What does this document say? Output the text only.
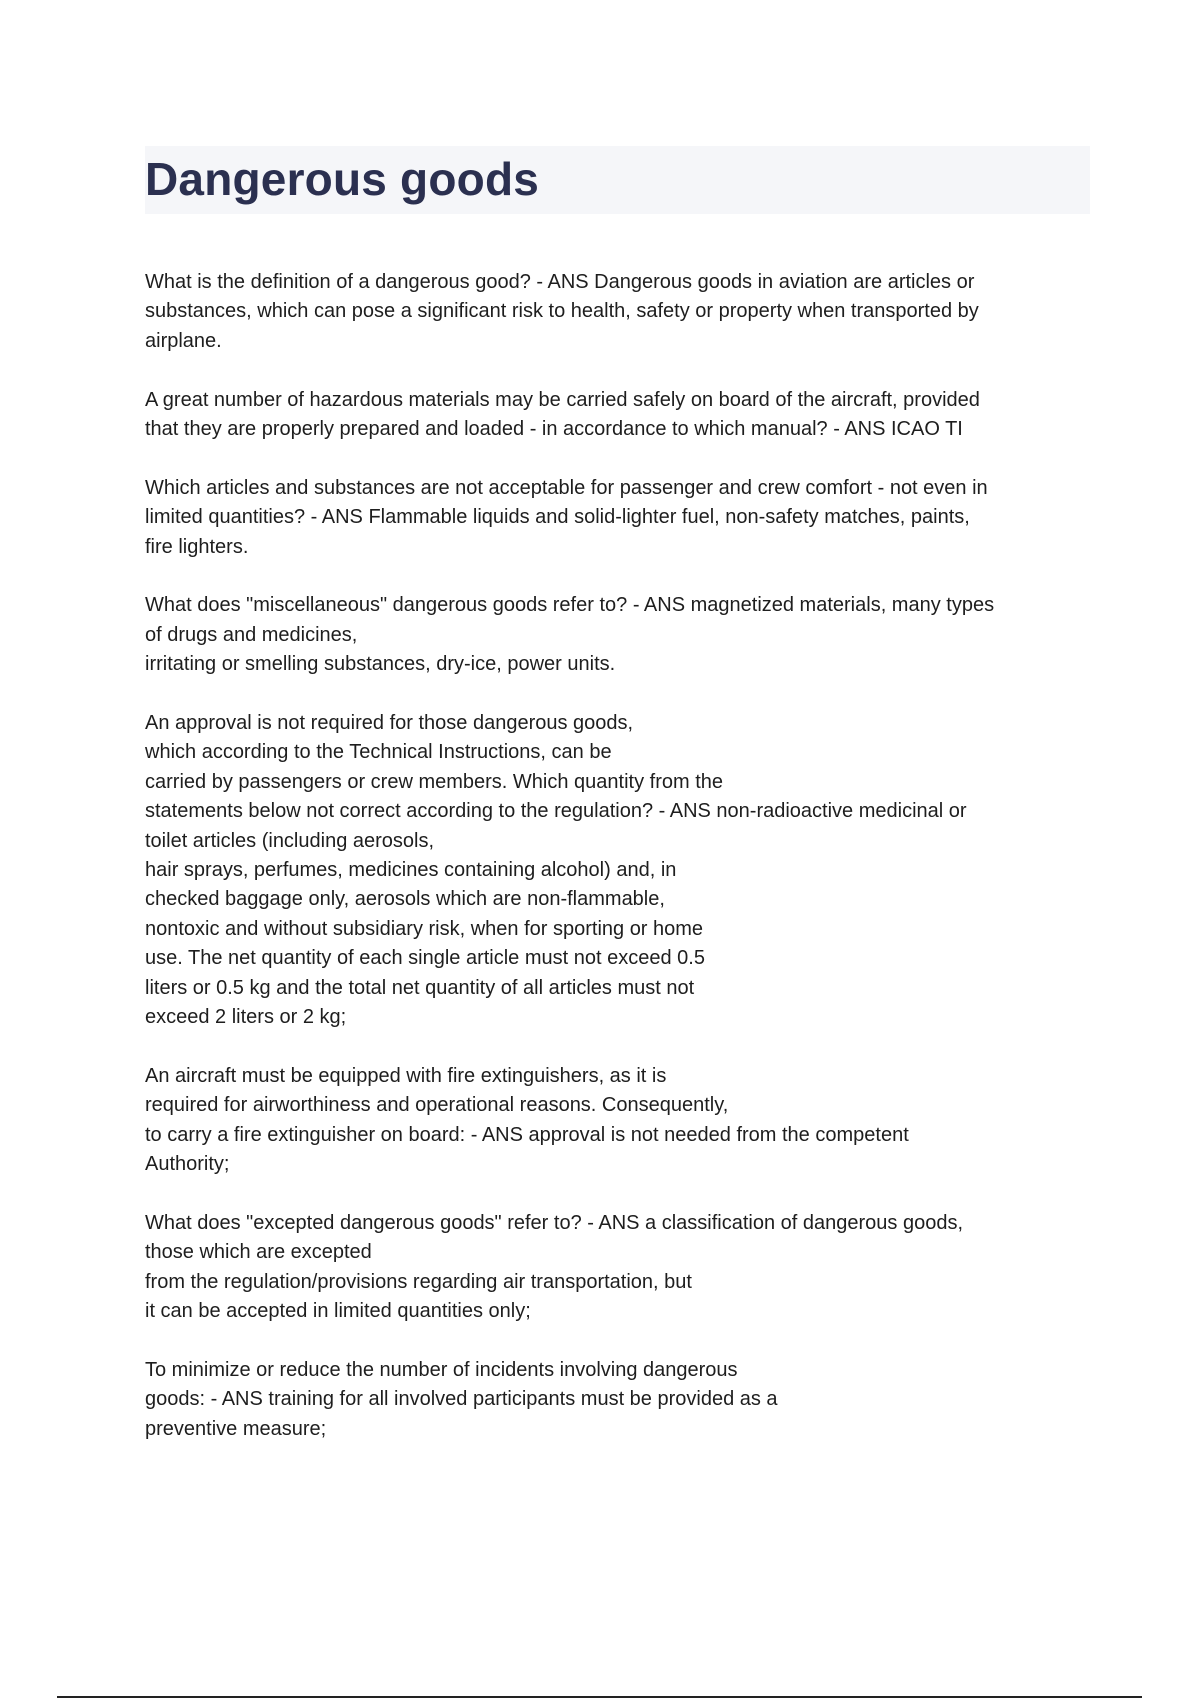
Dangerous goods

What is the definition of a dangerous good? - ANS Dangerous goods in aviation are articles or
substances, which can pose a significant risk to health, safety or property when transported by
airplane.

A great number of hazardous materials may be carried safely on board of the aircraft, provided
that they are properly prepared and loaded - in accordance to which manual? - ANS ICAO TI

Which articles and substances are not acceptable for passenger and crew comfort - not even in
limited quantities? - ANS Flammable liquids and solid-lighter fuel, non-safety matches, paints,
fire lighters.

What does "miscellaneous" dangerous goods refer to? - ANS magnetized materials, many types
of drugs and medicines,
irritating or smelling substances, dry-ice, power units.

An approval is not required for those dangerous goods,
which according to the Technical Instructions, can be
carried by passengers or crew members. Which quantity from the
statements below not correct according to the regulation? - ANS non-radioactive medicinal or
toilet articles (including aerosols,
hair sprays, perfumes, medicines containing alcohol) and, in
checked baggage only, aerosols which are non-flammable,
nontoxic and without subsidiary risk, when for sporting or home
use. The net quantity of each single article must not exceed 0.5
liters or 0.5 kg and the total net quantity of all articles must not
exceed 2 liters or 2 kg;

An aircraft must be equipped with fire extinguishers, as it is
required for airworthiness and operational reasons. Consequently,
to carry a fire extinguisher on board: - ANS approval is not needed from the competent
Authority;

What does "excepted dangerous goods" refer to? - ANS a classification of dangerous goods,
those which are excepted
from the regulation/provisions regarding air transportation, but
it can be accepted in limited quantities only;

To minimize or reduce the number of incidents involving dangerous
goods: - ANS training for all involved participants must be provided as a
preventive measure;
